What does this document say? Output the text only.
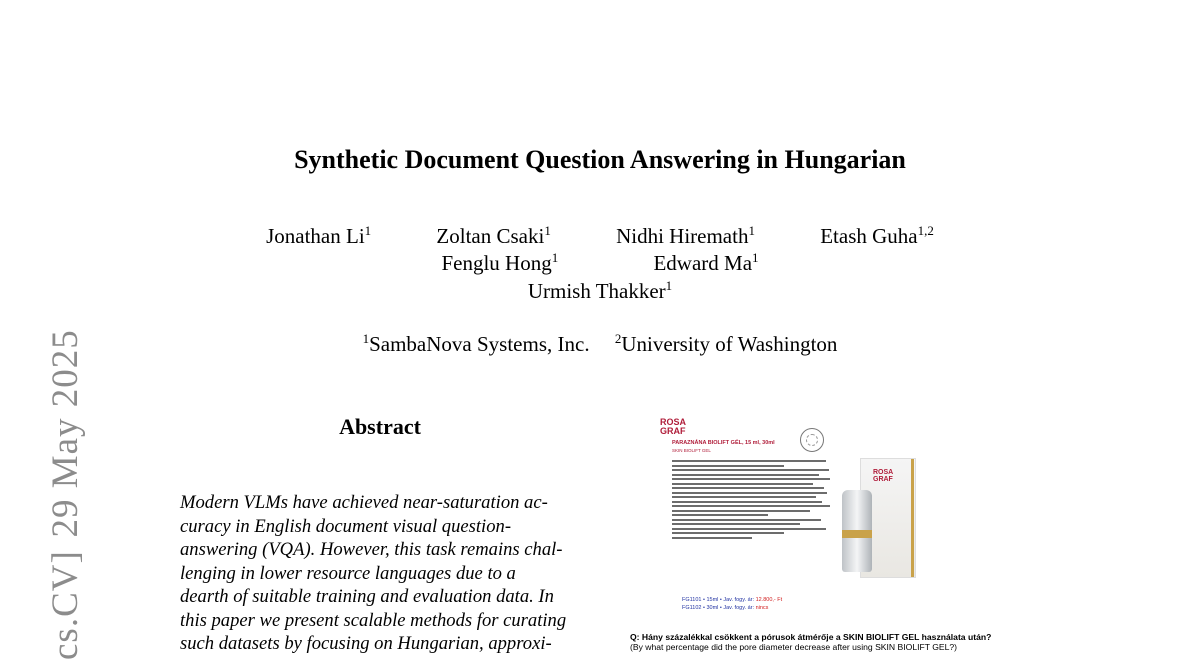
Synthetic Document Question Answering in Hungarian
Jonathan Li$^1$	Zoltan Csaki$^1$	Nidhi Hiremath$^1$	Etash Guha$^{1,2}$
Fenglu Hong$^1$	Edward Ma$^1$
Urmish Thakker$^1$
$^1$SambaNova Systems, Inc. $^2$University of Washington
Abstract
Modern VLMs have achieved near-saturation ac-
curacy in English document visual question-
answering (VQA). However, this task remains chal-
lenging in lower resource languages due to a
dearth of suitable training and evaluation data. In
this paper we present scalable methods for curating
such datasets by focusing on Hungarian, approxi-
cs.CV]29 May 2025	ROSA
GRAF
PARAZNÁNA BIOLIFT GÉL, 15 ml, 30ml
SKIN BIOLIFT GEL
ROSA
GRAF
FG1101 • 15ml • Jav. fogy. ár: 12.800,- Ft
FG1102 • 30ml • Jav. fogy. ár: nincs
Q: Hány százalékkal csökkent a pórusok átmérője a SKIN BIOLIFT GEL használata után?
(By what percentage did the pore diameter decrease after using SKIN BIOLIFT GEL?)
